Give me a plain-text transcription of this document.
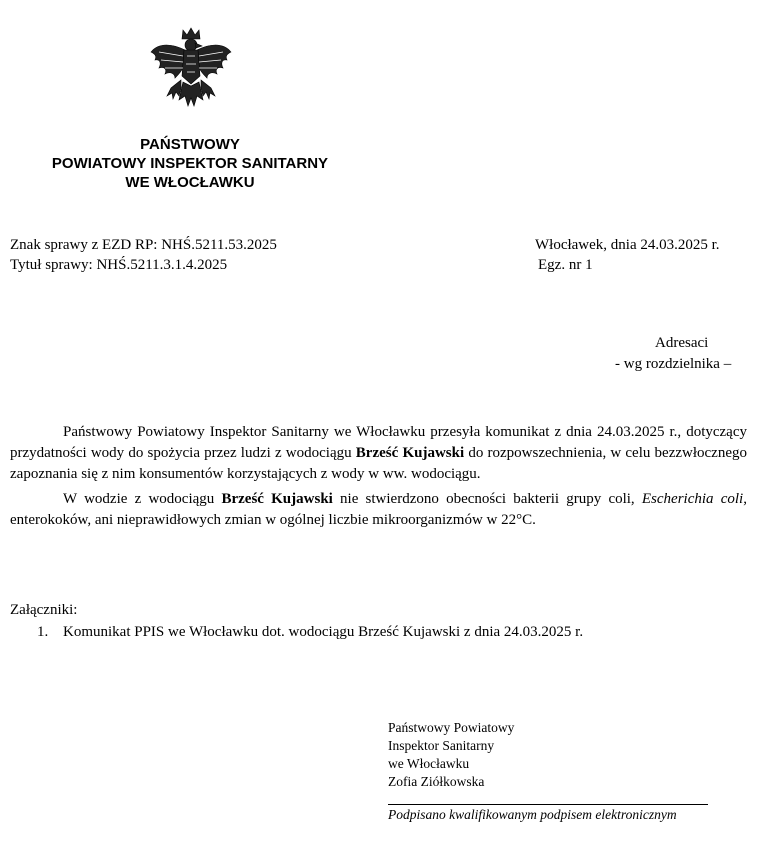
PAŃSTWOWY
POWIATOWY INSPEKTOR SANITARNY
WE WŁOCŁAWKU
Znak sprawy z EZD RP: NHŚ.5211.53.2025
Tytuł sprawy: NHŚ.5211.3.1.4.2025
Włocławek, dnia 24.03.2025 r.
Egz. nr 1
Adresaci
- wg rozdzielnika –
Państwowy Powiatowy Inspektor Sanitarny we Włocławku przesyła komunikat z dnia 24.03.2025 r., dotyczący przydatności wody do spożycia przez ludzi z wodociągu Brześć Kujawski do rozpowszechnienia, w celu bezzwłocznego zapoznania się z nim konsumentów korzystających z wody w ww. wodociągu.
W wodzie z wodociągu Brześć Kujawski nie stwierdzono obecności bakterii grupy coli, Escherichia coli, enterokoków, ani nieprawidłowych zmian w ogólnej liczbie mikroorganizmów w 22°C.
Załączniki:
1. Komunikat PPIS we Włocławku dot. wodociągu Brześć Kujawski z dnia 24.03.2025 r.
Państwowy Powiatowy
Inspektor Sanitarny
we Włocławku
Zofia Ziółkowska
Podpisano kwalifikowanym podpisem elektronicznym
